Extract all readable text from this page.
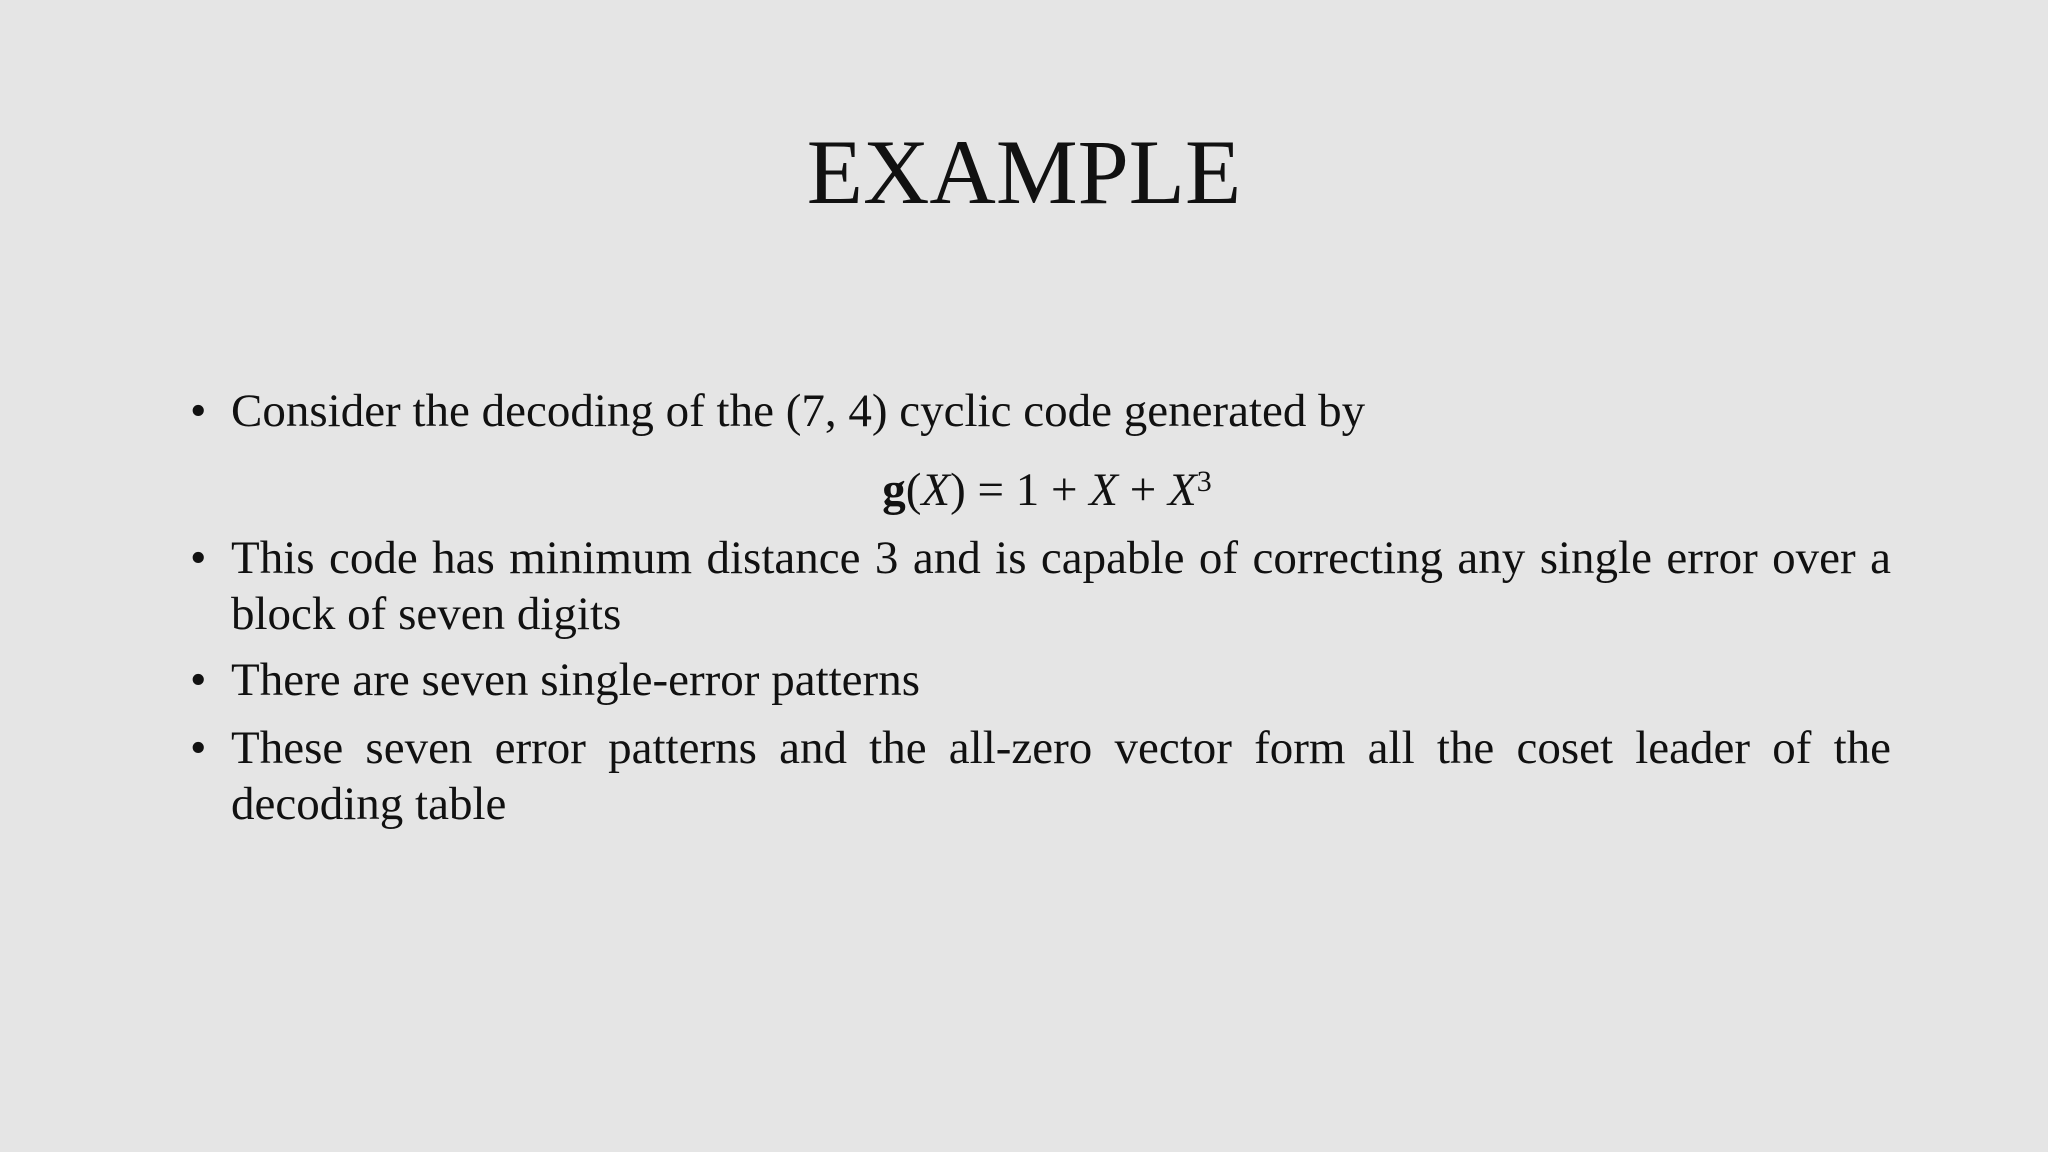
EXAMPLE
• Consider the decoding of the (7, 4) cyclic code generated by
$g(X) = 1 + X + X^3$
• This code has minimum distance 3 and is capable of correcting any single error over a block of seven digits
• There are seven single-error patterns
• These seven error patterns and the all-zero vector form all the coset leader of the decoding table
